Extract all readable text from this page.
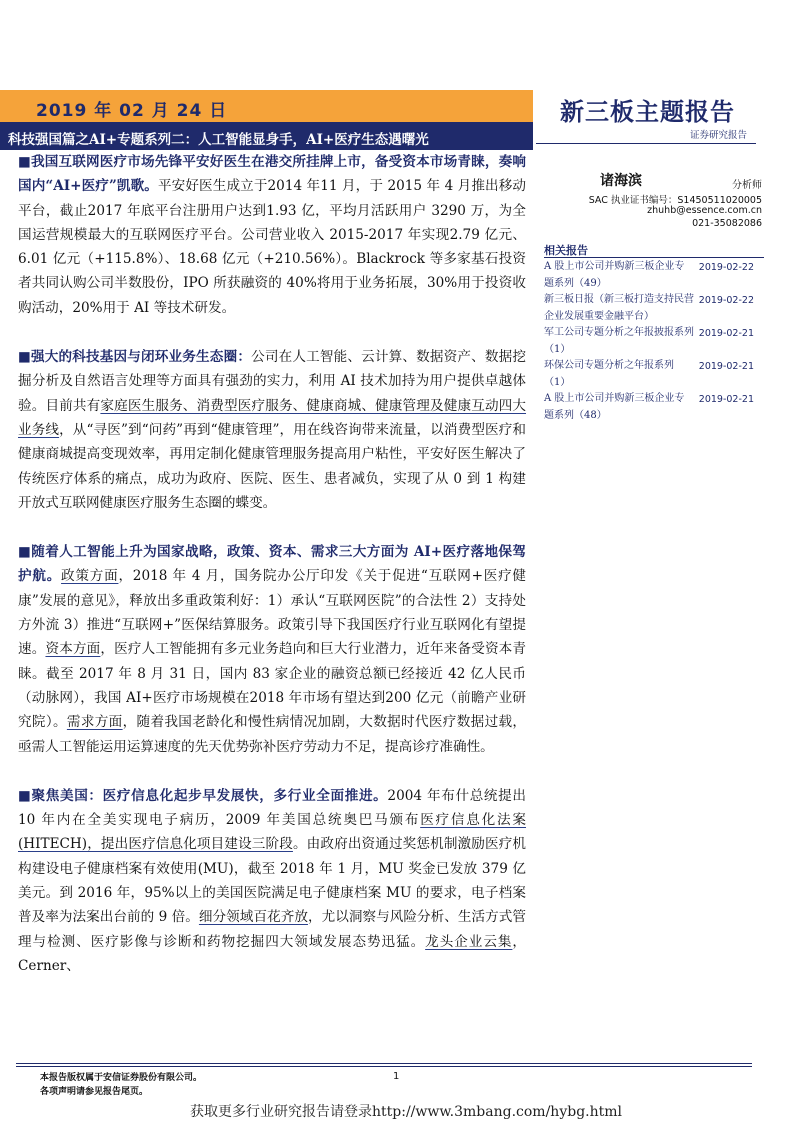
2019 年 02 月 24 日
科技强国篇之AI+专题系列二：人工智能显身手，AI+医疗生态遇曙光
新三板主题报告
证券研究报告

■我国互联网医疗市场先锋平安好医生在港交所挂牌上市，备受资本市场青睐，奏响国内“AI+医疗”凯歌。平安好医生成立于2014 年11 月，于 2015 年 4 月推出移动平台，截止2017 年底平台注册用户达到1.93 亿，平均月活跃用户 3290 万，为全国运营规模最大的互联网医疗平台。公司营业收入 2015-2017 年实现2.79 亿元、6.01 亿元（+115.8%）、18.68 亿元（+210.56%）。Blackrock 等多家基石投资者共同认购公司半数股份，IPO 所获融资的 40%将用于业务拓展，30%用于投资收购活动，20%用于 AI 等技术研发。

■强大的科技基因与闭环业务生态圈：公司在人工智能、云计算、数据资产、数据挖掘分析及自然语言处理等方面具有强劲的实力，利用 AI 技术加持为用户提供卓越体验。目前共有家庭医生服务、消费型医疗服务、健康商城、健康管理及健康互动四大业务线，从“寻医”到“问药”再到“健康管理”，用在线咨询带来流量，以消费型医疗和健康商城提高变现效率，再用定制化健康管理服务提高用户粘性，平安好医生解决了传统医疗体系的痛点，成功为政府、医院、医生、患者减负，实现了从 0 到 1 构建开放式互联网健康医疗服务生态圈的蝶变。

■随着人工智能上升为国家战略，政策、资本、需求三大方面为 AI+医疗落地保驾护航。政策方面，2018 年 4 月，国务院办公厅印发《关于促进“互联网+医疗健康”发展的意见》，释放出多重政策利好：1）承认“互联网医院”的合法性 2）支持处方外流 3）推进“互联网+”医保结算服务。政策引导下我国医疗行业互联网化有望提速。资本方面，医疗人工智能拥有多元业务趋向和巨大行业潜力，近年来备受资本青睐。截至 2017 年 8 月 31 日，国内 83 家企业的融资总额已经接近 42 亿人民币（动脉网），我国 AI+医疗市场规模在2018 年市场有望达到200 亿元（前瞻产业研究院）。需求方面，随着我国老龄化和慢性病情况加剧，大数据时代医疗数据过载，亟需人工智能运用运算速度的先天优势弥补医疗劳动力不足，提高诊疗准确性。

■聚焦美国：医疗信息化起步早发展快，多行业全面推进。2004 年布什总统提出 10 年内在全美实现电子病历，2009 年美国总统奥巴马颁布医疗信息化法案(HITECH)，提出医疗信息化项目建设三阶段。由政府出资通过奖惩机制激励医疗机构建设电子健康档案有效使用(MU)，截至 2018 年 1 月，MU 奖金已发放 379 亿美元。到 2016 年，95%以上的美国医院满足电子健康档案 MU 的要求，电子档案普及率为法案出台前的 9 倍。细分领域百花齐放，尤以洞察与风险分析、生活方式管理与检测、医疗影像与诊断和药物挖掘四大领域发展态势迅猛。龙头企业云集，Cerner、

诸海滨	分析师
SAC 执业证书编号：S1450511020005
zhuhb@essence.com.cn
021-35082086
相关报告
A 股上市公司并购新三板企业专题系列（49）
2019-02-22
新三板日报（新三板打造支持民营企业发展重要金融平台）
2019-02-22
军工公司专题分析之年报披报系列（1）
2019-02-21
环保公司专题分析之年报系列（1）
2019-02-21
A 股上市公司并购新三板企业专题系列（48）
2019-02-21
本报告版权属于安信证券股份有限公司。
各项声明请参见报告尾页。
1
获取更多行业研究报告请登录http://www.3mbang.com/hybg.html
